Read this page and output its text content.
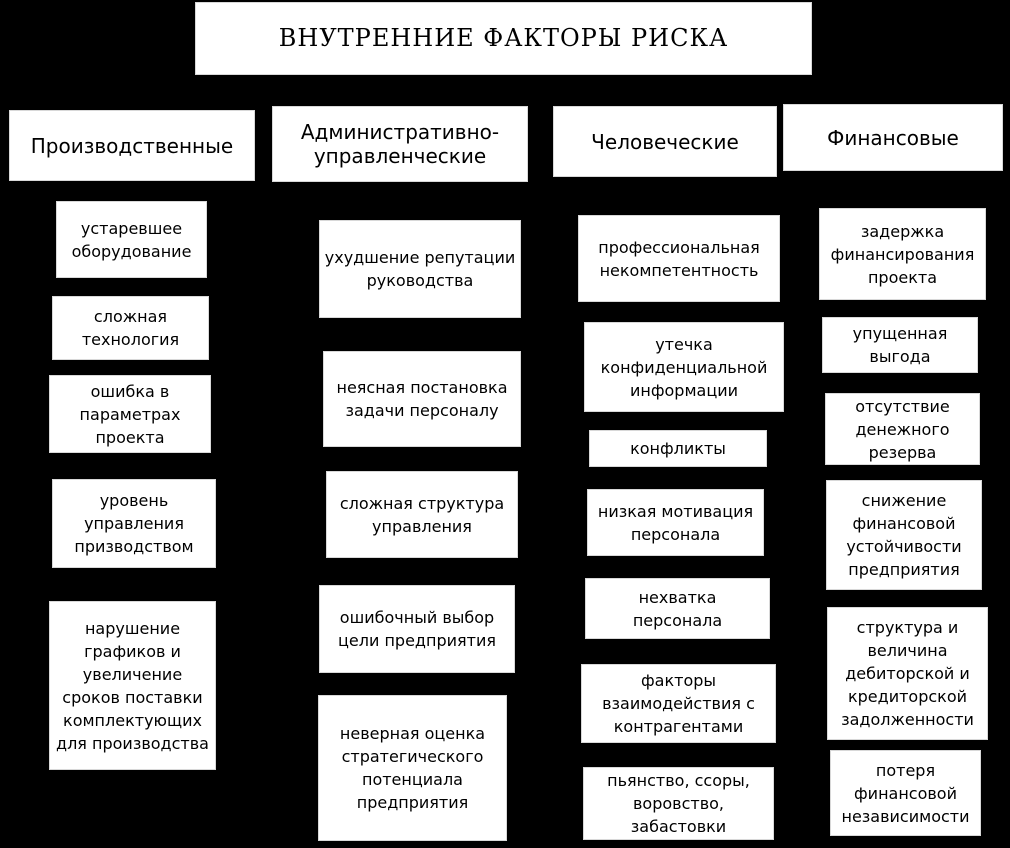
ВНУТРЕННИЕ ФАКТОРЫ РИСКА
Производственные
устаревшее
оборудование
сложная
технология
ошибка в
параметрах
проекта
уровень
управления
призводством
нарушение
графиков и
увеличение
сроков поставки
комплектующих
для производства
Административно-
управленческие
ухудшение репутации
руководства
неясная постановка
задачи персоналу
сложная структура
управления
ошибочный выбор
цели предприятия
неверная оценка
стратегического
потенциала
предприятия
Человеческие
профессиональная
некомпетентность
утечка
конфиденциальной
информации
конфликты
низкая мотивация
персонала
нехватка
персонала
факторы
взаимодействия с
контрагентами
пьянство, ссоры,
воровство,
забастовки
Финансовые
задержка
финансирования
проекта
упущенная
выгода
отсутствие
денежного
резерва
снижение
финансовой
устойчивости
предприятия
структура и
величина
дебиторской и
кредиторской
задолженности
потеря
финансовой
независимости
